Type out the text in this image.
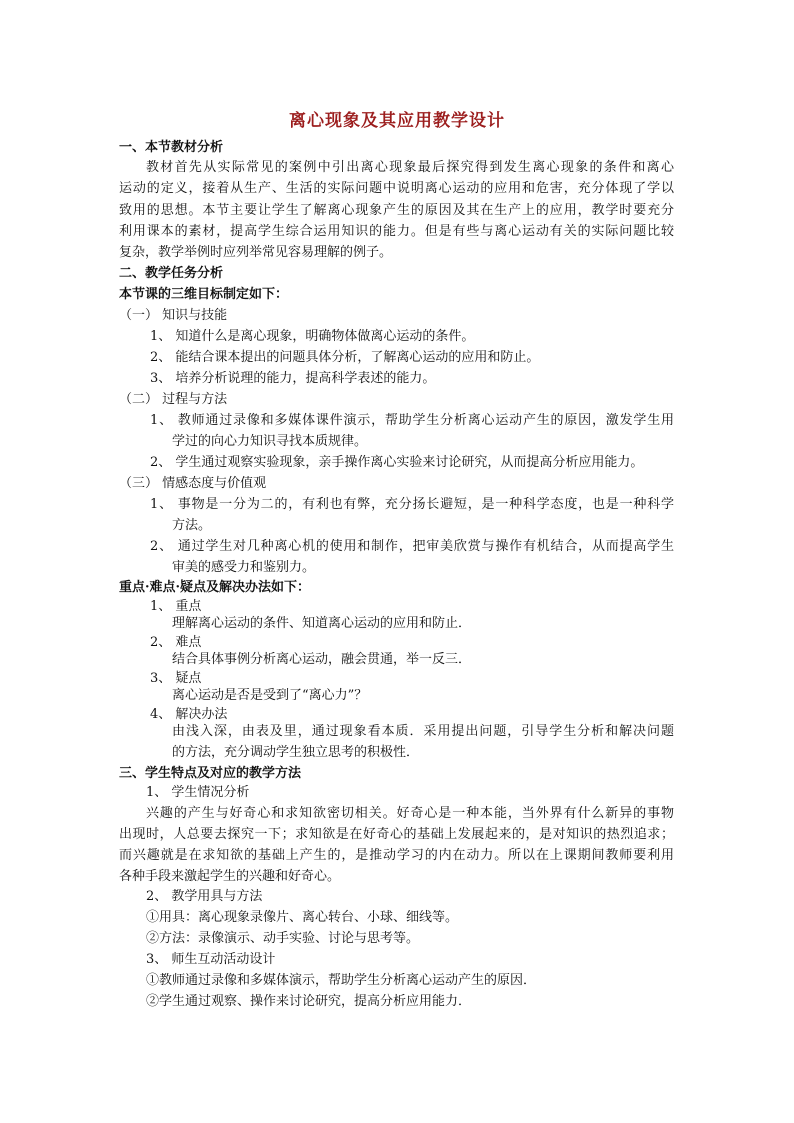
离心现象及其应用教学设计
一、本节教材分析
教材首先从实际常见的案例中引出离心现象最后探究得到发生离心现象的条件和离心
运动的定义，接着从生产、生活的实际问题中说明离心运动的应用和危害，充分体现了学以
致用的思想。本节主要让学生了解离心现象产生的原因及其在生产上的应用，教学时要充分
利用课本的素材，提高学生综合运用知识的能力。但是有些与离心运动有关的实际问题比较
复杂，教学举例时应列举常见容易理解的例子。
二、教学任务分析
本节课的三维目标制定如下：
（一） 知识与技能
1、 知道什么是离心现象，明确物体做离心运动的条件。
2、 能结合课本提出的问题具体分析，了解离心运动的应用和防止。
3、 培养分析说理的能力，提高科学表述的能力。
（二） 过程与方法
1、 教师通过录像和多媒体课件演示，帮助学生分析离心运动产生的原因，激发学生用
学过的向心力知识寻找本质规律。
2、 学生通过观察实验现象，亲手操作离心实验来讨论研究，从而提高分析应用能力。
（三） 情感态度与价值观
1、 事物是一分为二的，有利也有弊，充分扬长避短，是一种科学态度，也是一种科学
方法。
2、 通过学生对几种离心机的使用和制作，把审美欣赏与操作有机结合，从而提高学生
审美的感受力和鉴别力。
重点·难点·疑点及解决办法如下：
1、 重点
理解离心运动的条件、知道离心运动的应用和防止．
2、 难点
结合具体事例分析离心运动，融会贯通，举一反三．
3、 疑点
离心运动是否是受到了“离心力”？
4、 解决办法
由浅入深，由表及里，通过现象看本质．采用提出问题，引导学生分析和解决问题
的方法，充分调动学生独立思考的积极性．
三、学生特点及对应的教学方法
1、 学生情况分析
兴趣的产生与好奇心和求知欲密切相关。好奇心是一种本能，当外界有什么新异的事物
出现时，人总要去探究一下；求知欲是在好奇心的基础上发展起来的，是对知识的热烈追求；
而兴趣就是在求知欲的基础上产生的，是推动学习的内在动力。所以在上课期间教师要利用
各种手段来激起学生的兴趣和好奇心。
2、 教学用具与方法
①用具：离心现象录像片、离心转台、小球、细线等。
②方法：录像演示、动手实验、讨论与思考等。
3、 师生互动活动设计
①教师通过录像和多媒体演示，帮助学生分析离心运动产生的原因．
②学生通过观察、操作来讨论研究，提高分析应用能力．
